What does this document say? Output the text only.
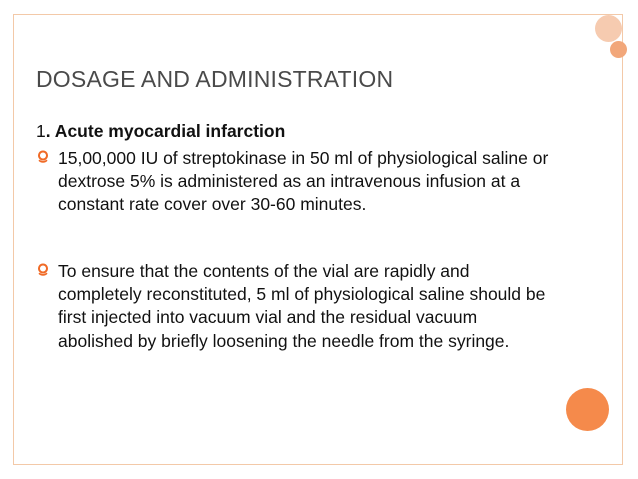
DOSAGE AND ADMINISTRATION
1. Acute myocardial infarction
15,00,000 IU of streptokinase in 50 ml of physiological saline or dextrose 5% is administered as an intravenous infusion at a constant rate cover over 30-60 minutes.
To ensure that the contents of the vial are rapidly and completely reconstituted, 5 ml of physiological saline should be first injected into vacuum vial and the residual vacuum abolished by briefly loosening the needle from the syringe.
